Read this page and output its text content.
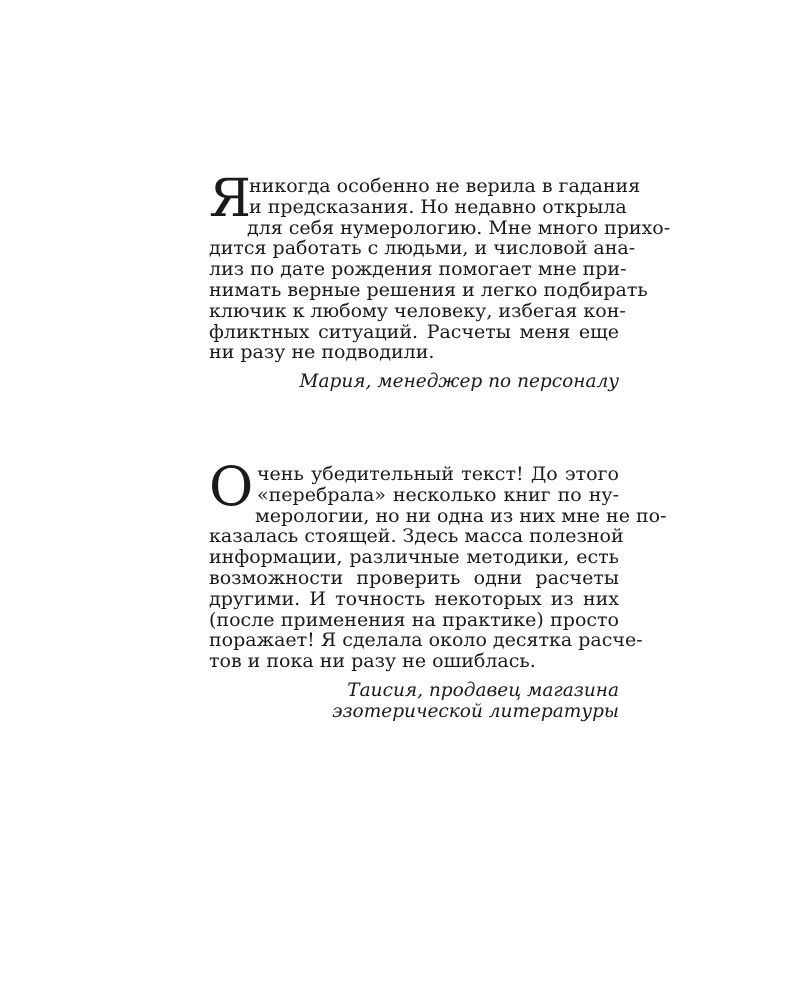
Я
никогда особенно не верила в гадания
и предсказания. Но недавно открыла
для себя нумерологию. Мне много прихо-
дится работать с людьми, и числовой ана-
лиз по дате рождения помогает мне при-
нимать верные решения и легко подбирать
ключик к любому человеку, избегая кон-
фликтных ситуаций. Расчеты меня еще
ни разу не подводили.
Мария, менеджер по персоналу
О чень убедительный текст! До этого
«перебрала» несколько книг по ну-
мерологии, но ни одна из них мне не по-
казалась стоящей. Здесь масса полезной
информации, различные методики, есть
возможности проверить одни расчеты
другими. И точность некоторых из них
(после применения на практике) просто
поражает! Я сделала около десятка расче-
тов и пока ни разу не ошиблась.
Таисия, продавец магазина
эзотерической литературы
